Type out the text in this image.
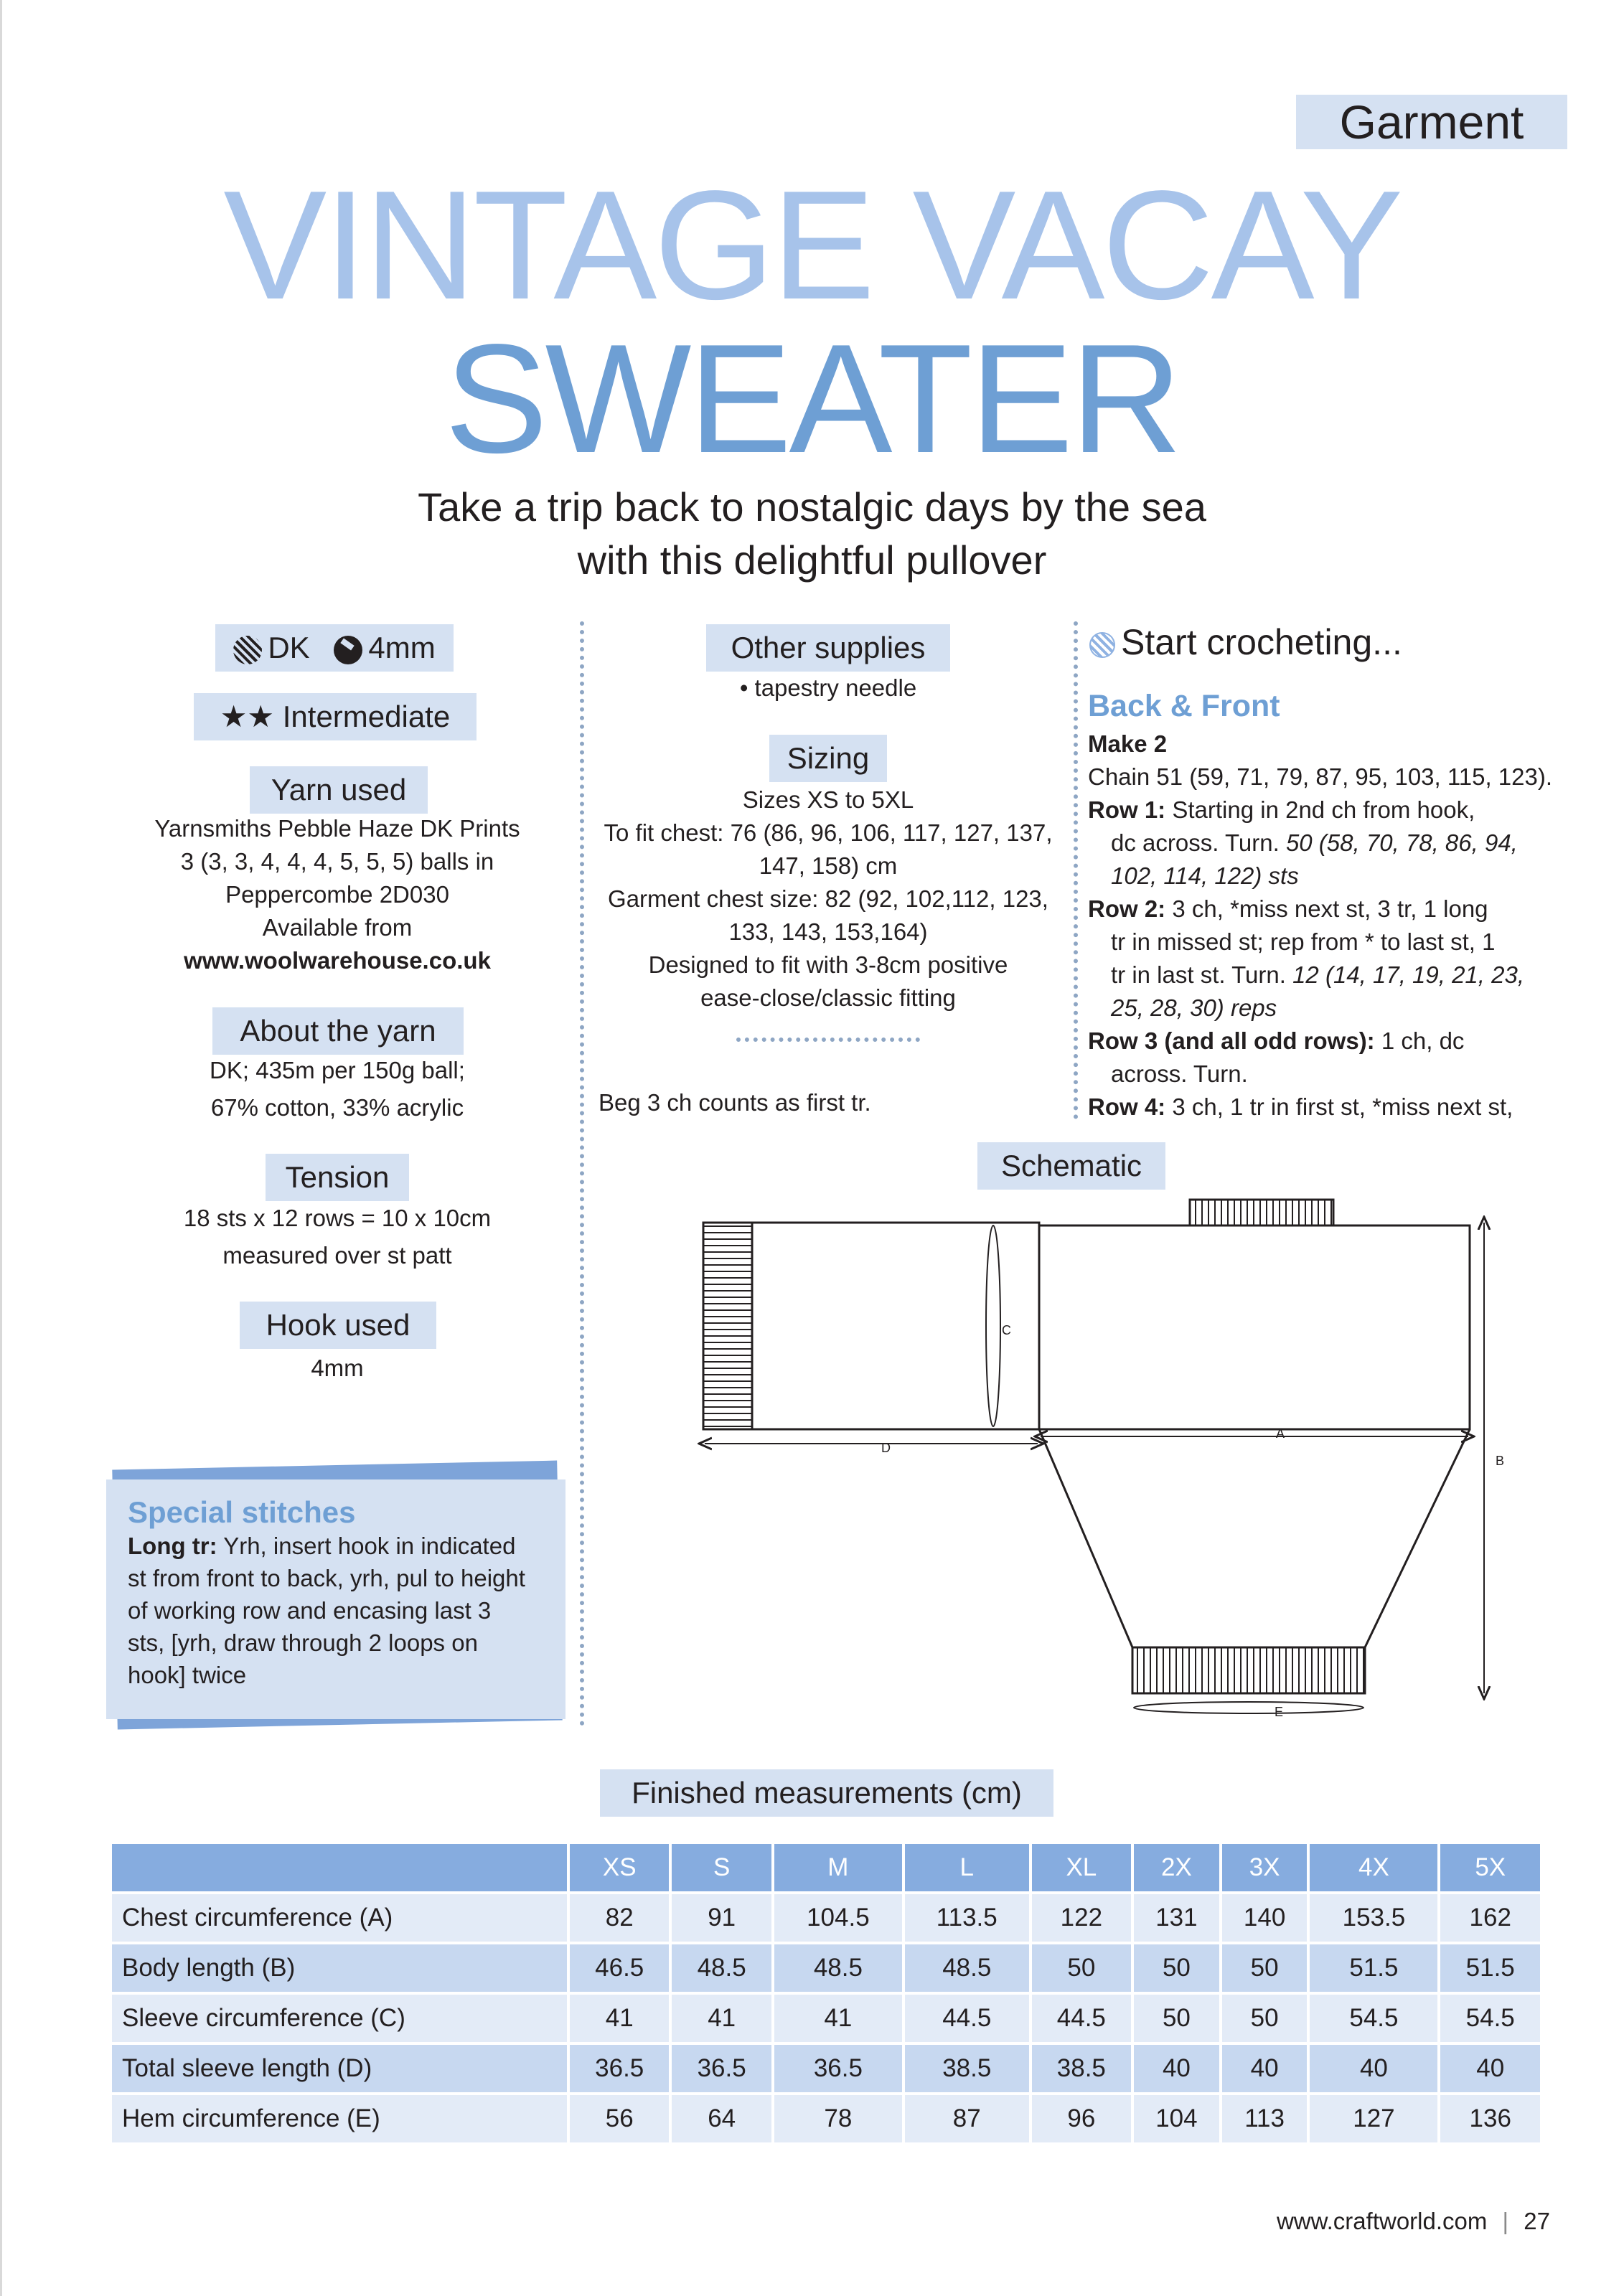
Garment
VINTAGE VACAY
SWEATER
Take a trip back to nostalgic days by the sea
with this delightful pullover
DK 4mm
★★ Intermediate
Yarn used
Yarnsmiths Pebble Haze DK Prints
3 (3, 3, 4, 4, 4, 5, 5, 5) balls in
Peppercombe 2D030
Available from
www.woolwarehouse.co.uk
About the yarn
DK; 435m per 150g ball;
67% cotton, 33% acrylic
Tension
18 sts x 12 rows = 10 x 10cm
measured over st patt
Hook used
4mm
Special stitches
Long tr: Yrh, insert hook in indicated
st from front to back, yrh, pul to height
of working row and encasing last 3
sts, [yrh, draw through 2 loops on
hook] twice
Other supplies
• tapestry needle
Sizing
Sizes XS to 5XL
To fit chest: 76 (86, 96, 106, 117, 127, 137,
147, 158) cm
Garment chest size: 82 (92, 102,112, 123,
133, 143, 153,164)
Designed to fit with 3-8cm positive
ease-close/classic fitting
Beg 3 ch counts as first tr.
Start crocheting...
Back & Front
Make 2
Chain 51 (59, 71, 79, 87, 95, 103, 115, 123).
Row 1: Starting in 2nd ch from hook,
dc across. Turn. 50 (58, 70, 78, 86, 94,
102, 114, 122) sts
Row 2: 3 ch, *miss next st, 3 tr, 1 long
tr in missed st; rep from * to last st, 1
tr in last st. Turn. 12 (14, 17, 19, 21, 23,
25, 28, 30) reps
Row 3 (and all odd rows): 1 ch, dc
across. Turn.
Row 4: 3 ch, 1 tr in first st, *miss next st,
Schematic
C
D
A
B
E
Finished measurements (cm)
	XS	S	M	L	XL	2X	3X	4X	5X
Chest circumference (A)	82	91	104.5	113.5	122	131	140	153.5	162
Body length (B)	46.5	48.5	48.5	48.5	50	50	50	51.5	51.5
Sleeve circumference (C)	41	41	41	44.5	44.5	50	50	54.5	54.5
Total sleeve length (D)	36.5	36.5	36.5	38.5	38.5	40	40	40	40
Hem circumference (E)	56	64	78	87	96	104	113	127	136
www.craftworld.com | 27
